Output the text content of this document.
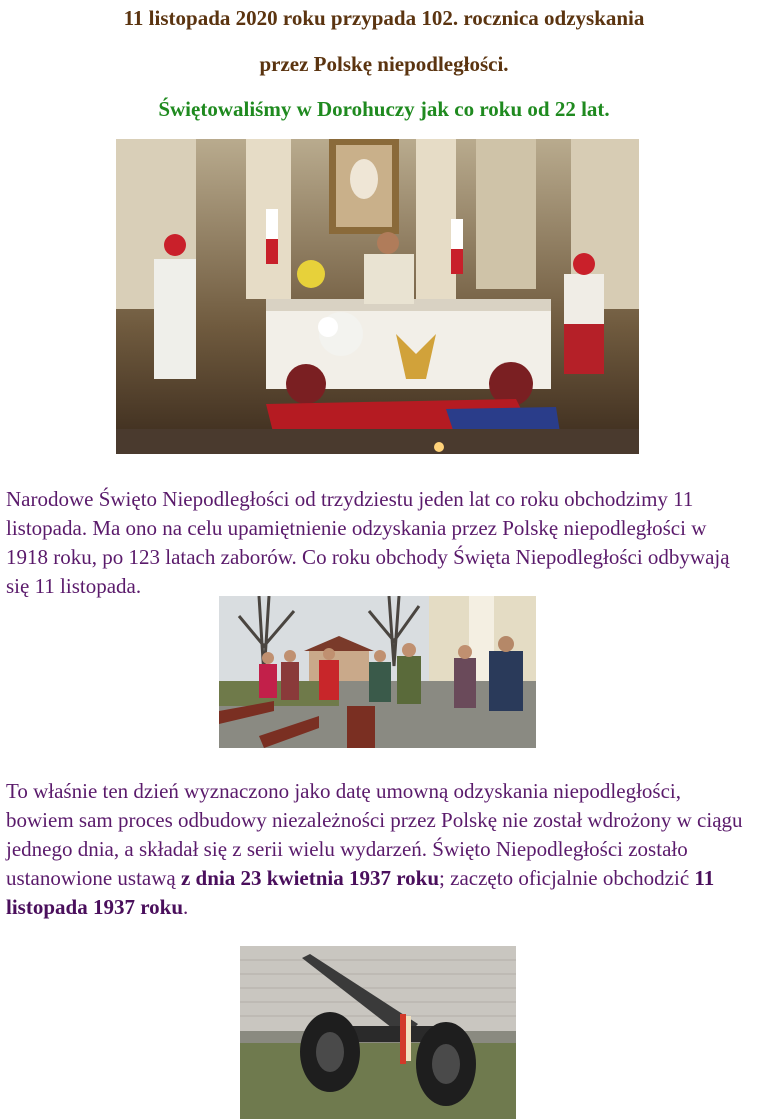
11 listopada 2020 roku przypada 102. rocznica odzyskania

przez Polskę niepodległości.

Świętowaliśmy w Dorohuczy jak co roku od 22 lat.

Narodowe Święto Niepodległości od trzydziestu jeden lat co roku obchodzimy 11 listopada. Ma ono na celu upamiętnienie odzyskania przez Polskę niepodległości w 1918 roku, po 123 latach zaborów. Co roku obchody Święta Niepodległości odbywają się 11 listopada.

To właśnie ten dzień wyznaczono jako datę umowną odzyskania niepodległości, bowiem sam proces odbudowy niezależności przez Polskę nie został wdrożony w ciągu jednego dnia, a składał się z serii wielu wydarzeń. Święto Niepodległości zostało ustanowione ustawą z dnia 23 kwietnia 1937 roku; zaczęto oficjalnie obchodzić 11 listopada 1937 roku.
